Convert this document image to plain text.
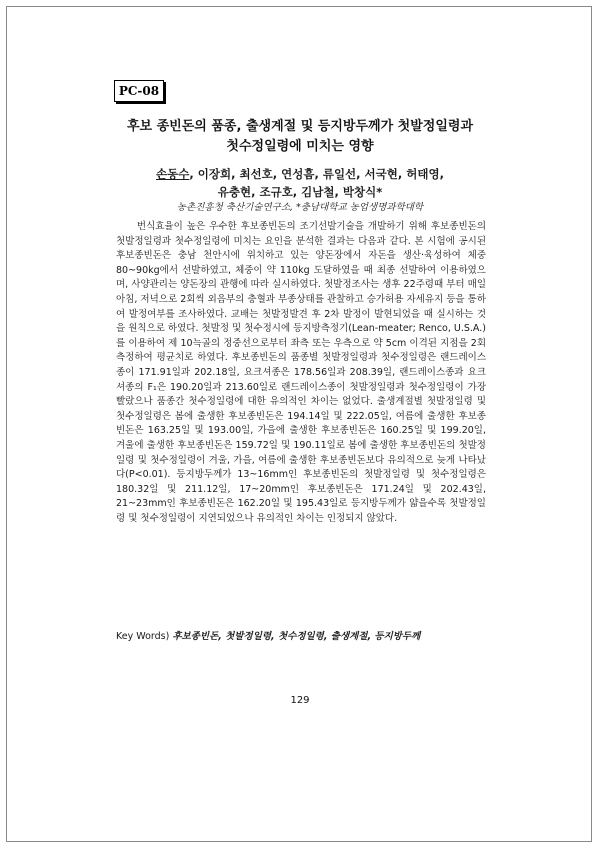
PC-08
후보 종빈돈의 품종, 출생계절 및 등지방두께가 첫발정일령과
첫수정일령에 미치는 영향
손동수, 이장희, 최선호, 연성흠, 류일선, 서국현, 허태영,
유충현, 조규호, 김남철, 박창식*
농촌진흥청 축산기술연구소, *충남대학교 농업생명과학대학
번식효율이 높은 우수한 후보종빈돈의 조기선발기술을 개발하기 위해 후보종빈돈의 첫발정일령과 첫수정일령에 미치는 요인을 분석한 결과는 다음과 같다. 본 시험에 공시된 후보종빈돈은 충남 천안시에 위치하고 있는 양돈장에서 자돈을 생산·육성하여 체중 80~90kg에서 선발하였고, 체중이 약 110kg 도달하였을 때 최종 선발하여 이용하였으며, 사양관리는 양돈장의 관행에 따라 실시하였다. 첫발정조사는 생후 22주령때 부터 매일 아침, 저녁으로 2회씩 외음부의 충혈과 부종상태를 관찰하고 승가허용 자세유지 등을 통하여 발정여부를 조사하였다. 교배는 첫발정발견 후 2차 발정이 발현되었을 때 실시하는 것을 원칙으로 하였다. 첫발정 및 첫수정시에 등지방측정기(Lean-meater; Renco, U.S.A.)를 이용하여 제 10늑골의 정중선으로부터 좌측 또는 우측으로 약 5cm 이격된 지점을 2회 측정하여 평균치로 하였다. 후보종빈돈의 품종별 첫발정일령과 첫수정일령은 랜드레이스종이 171.91일과 202.18일, 요크셔종은 178.56일과 208.39일, 랜드레이스종과 요크셔종의 F₁은 190.20일과 213.60일로 랜드레이스종이 첫발정일령과 첫수정일령이 가장 빨랐으나 품종간 첫수정일령에 대한 유의적인 차이는 없었다. 출생계절별 첫발정일령 및 첫수정일령은 봄에 출생한 후보종빈돈은 194.14일 및 222.05일, 여름에 출생한 후보종빈돈은 163.25일 및 193.00일, 가을에 출생한 후보종빈돈은 160.25일 및 199.20일, 겨울에 출생한 후보종빈돈은 159.72일 및 190.11일로 봄에 출생한 후보종빈돈의 첫발정일령 및 첫수정일령이 겨울, 가을, 여름에 출생한 후보종빈돈보다 유의적으로 늦게 나타났다(P<0.01). 등지방두께가 13~16mm인 후보종빈돈의 첫발정일령 및 첫수정일령은 180.32일 및 211.12일, 17~20mm인 후보종빈돈은 171.24일 및 202.43일, 21~23mm인 후보종빈돈은 162.20일 및 195.43일로 등지방두께가 얇을수록 첫발정일령 및 첫수정일령이 지연되었으나 유의적인 차이는 인정되지 않았다.
Key Words) 후보종빈돈, 첫발정일령, 첫수정일령, 출생계절, 등지방두께
129
